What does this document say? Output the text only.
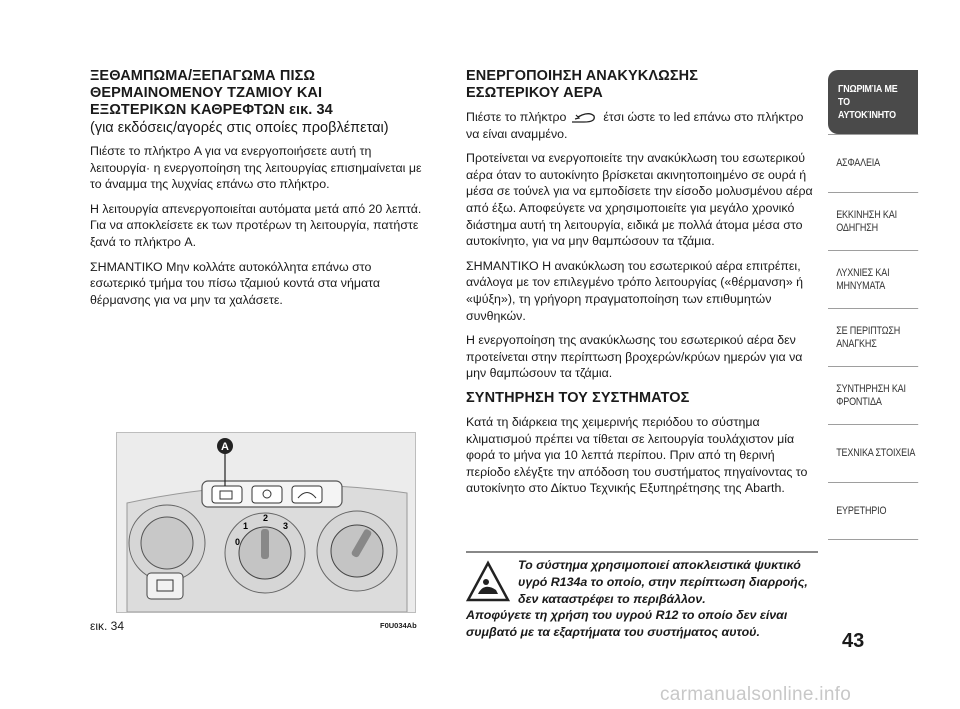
ΞΕΘΑΜΠΩΜΑ/ΞΕΠΑΓΩΜΑ ΠΙΣΩ
ΘΕΡΜΑΙΝΟΜΕΝΟΥ ΤΖΑΜΙΟΥ ΚΑΙ
ΕΞΩΤΕΡΙΚΩΝ ΚΑΘΡΕΦΤΩΝ εικ. 34
(για εκδόσεις/αγορές στις οποίες προβλέπεται)

Πιέστε το πλήκτρο A για να ενεργοποιήσετε αυτή τη λειτουργία· η ενεργοποίηση της λειτουργίας επισημαίνεται με το άναμμα της λυχνίας επάνω στο πλήκτρο.

Η λειτουργία απενεργοποιείται αυτόματα μετά από 20 λεπτά. Για να αποκλείσετε εκ των προτέρων τη λειτουργία, πατήστε ξανά το πλήκτρο A.

ΣΗΜΑΝΤΙΚΟ Μην κολλάτε αυτοκόλλητα επάνω στο εσωτερικό τμήμα του πίσω τζαμιού κοντά στα νήματα θέρμανσης για να μην τα χαλάσετε.

A
0
1
2
3
εικ. 34	F0U034Ab
ΕΝΕΡΓΟΠΟΙΗΣΗ ΑΝΑΚΥΚΛΩΣΗΣ
ΕΣΩΤΕΡΙΚΟΥ ΑΕΡΑ

Πιέστε το πλήκτρο	έτσι ώστε το led επάνω στο πλήκτρο να είναι αναμμένο.

Προτείνεται να ενεργοποιείτε την ανακύκλωση του εσωτερικού αέρα όταν το αυτοκίνητο βρίσκεται ακινητοποιημένο σε ουρά ή μέσα σε τούνελ για να εμποδίσετε την είσοδο μολυσμένου αέρα από έξω. Αποφεύγετε να χρησιμοποιείτε για μεγάλο χρονικό διάστημα αυτή τη λειτουργία, ειδικά με πολλά άτομα μέσα στο αυτοκίνητο, για να μην θαμπώσουν τα τζάμια.

ΣΗΜΑΝΤΙΚΟ Η ανακύκλωση του εσωτερικού αέρα επιτρέπει, ανάλογα με τον επιλεγμένο τρόπο λειτουργίας («θέρμανση» ή «ψύξη»), τη γρήγορη πραγματοποίηση των επιθυμητών συνθηκών.

Η ενεργοποίηση της ανακύκλωσης του εσωτερικού αέρα δεν προτείνεται στην περίπτωση βροχερών/κρύων ημερών για να μην θαμπώσουν τα τζάμια.

ΣΥΝΤΗΡΗΣΗ ΤΟΥ ΣΥΣΤΗΜΑΤΟΣ

Κατά τη διάρκεια της χειμερινής περιόδου το σύστημα κλιματισμού πρέπει να τίθεται σε λειτουργία τουλάχιστον μία φορά το μήνα για 10 λεπτά περίπου. Πριν από τη θερινή περίοδο ελέγξτε την απόδοση του συστήματος πηγαίνοντας το αυτοκίνητο στο Δίκτυο Τεχνικής Εξυπηρέτησης της Abarth.

Το σύστημα χρησιμοποιεί αποκλειστικά ψυκτικό υγρό R134a το οποίο, στην περίπτωση διαρροής, δεν καταστρέφει το περιβάλλον.
Αποφύγετε τη χρήση του υγρού R12 το οποίο δεν είναι συμβατό με τα εξαρτήματα του συστήματος αυτού.
ΓΝΩΡΙΜΊΑ ΜΕ ΤΟ ΑΥΤΟΚΊΝΗΤΟ
ΑΣΦΑΛΕΙΑ
ΕΚΚΙΝΗΣΗ ΚΑΙ ΟΔΗΓΗΣΗ
ΛΥΧΝΙΕΣ ΚΑΙ ΜΗΝΥΜΑΤΑ
ΣΕ ΠΕΡΙΠΤΩΣΗ ΑΝΑΓΚΗΣ
ΣΥΝΤΗΡΗΣΗ ΚΑΙ ΦΡΟΝΤΙΔΑ
ΤΕΧΝΙΚΑ ΣΤΟΙΧΕΙΑ
ΕΥΡΕΤΗΡΙΟ
43
carmanualsonline.info
